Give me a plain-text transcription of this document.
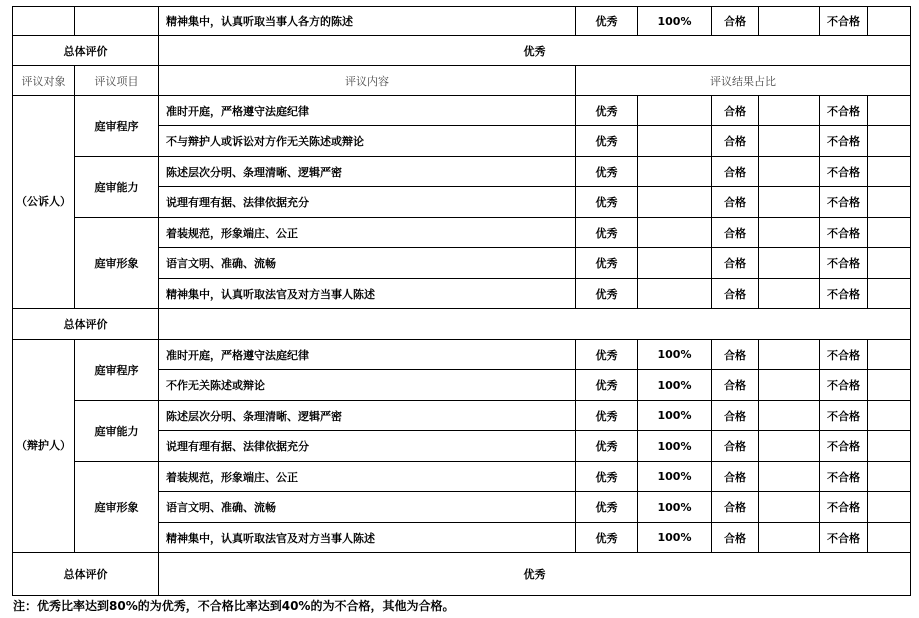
		精神集中，认真听取当事人各方的陈述	优秀	100%	合格		不合格	
总体评价		优秀						
评议对象	评议项目	评议内容	评议结果占比					
（公诉人）	庭审程序	准时开庭，严格遵守法庭纪律	优秀		合格		不合格	
		不与辩护人或诉讼对方作无关陈述或辩论	优秀		合格		不合格	
	庭审能力	陈述层次分明、条理清晰、逻辑严密	优秀		合格		不合格	
		说理有理有据、法律依据充分	优秀		合格		不合格	
	庭审形象	着装规范，形象端庄、公正	优秀		合格		不合格	
		语言文明、准确、流畅	优秀		合格		不合格	
		精神集中，认真听取法官及对方当事人陈述	优秀		合格		不合格	
总体评价								
（辩护人）	庭审程序	准时开庭，严格遵守法庭纪律	优秀	100%	合格		不合格	
		不作无关陈述或辩论	优秀	100%	合格		不合格	
	庭审能力	陈述层次分明、条理清晰、逻辑严密	优秀	100%	合格		不合格	
		说理有理有据、法律依据充分	优秀	100%	合格		不合格	
	庭审形象	着装规范，形象端庄、公正	优秀	100%	合格		不合格	
		语言文明、准确、流畅	优秀	100%	合格		不合格	
		精神集中，认真听取法官及对方当事人陈述	优秀	100%	合格		不合格	
总体评价		优秀						
注：优秀比率达到80%的为优秀，不合格比率达到40%的为不合格，其他为合格。
